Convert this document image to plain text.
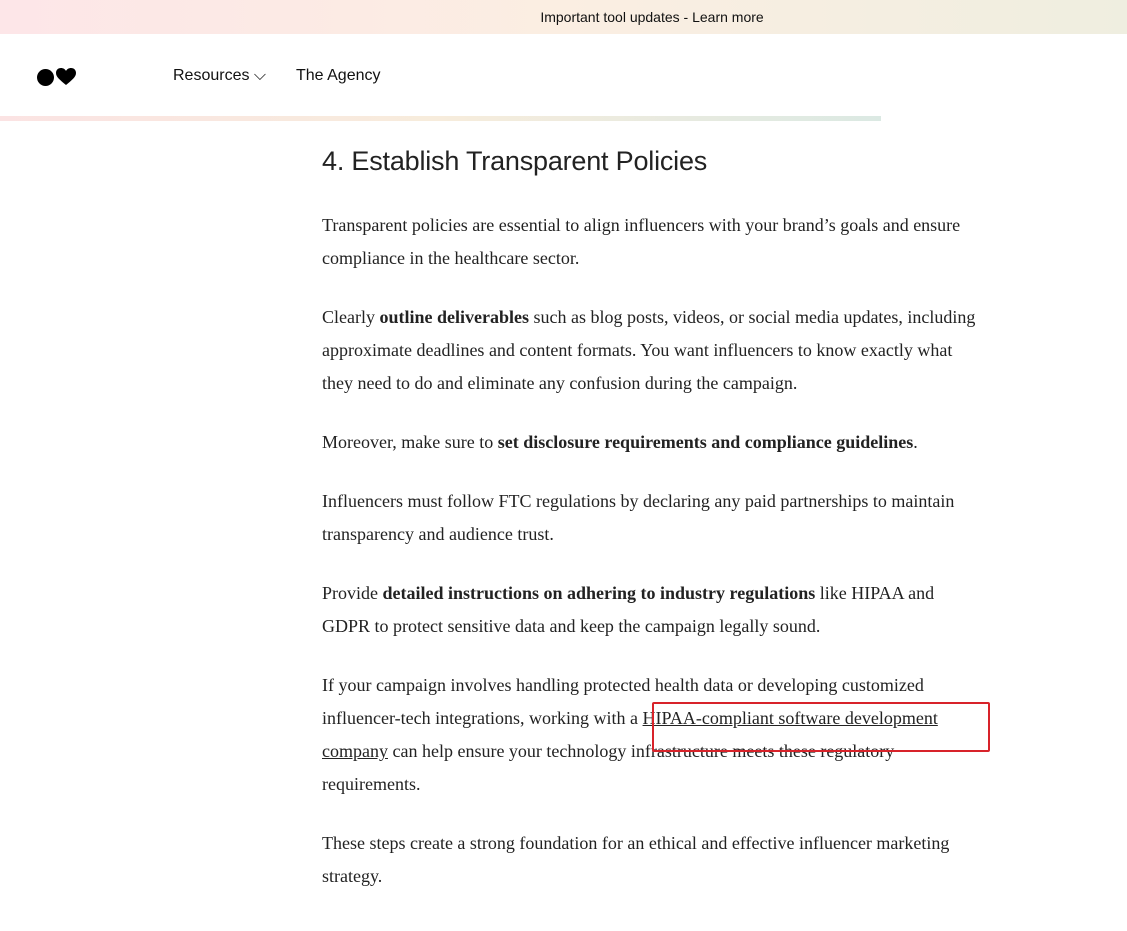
Important tool updates - Learn more
Resources ⌵ The Agency
4. Establish Transparent Policies

Transparent policies are essential to align influencers with your brand’s goals and ensure compliance in the healthcare sector.

Clearly outline deliverables such as blog posts, videos, or social media updates, including approximate deadlines and content formats. You want influencers to know exactly what they need to do and eliminate any confusion during the campaign.

Moreover, make sure to set disclosure requirements and compliance guidelines.

Influencers must follow FTC regulations by declaring any paid partnerships to maintain transparency and audience trust.

Provide detailed instructions on adhering to industry regulations like HIPAA and GDPR to protect sensitive data and keep the campaign legally sound.

If your campaign involves handling protected health data or developing customized influencer-tech integrations, working with a HIPAA-compliant software development company can help ensure your technology infrastructure meets these regulatory requirements.

These steps create a strong foundation for an ethical and effective influencer marketing strategy.
